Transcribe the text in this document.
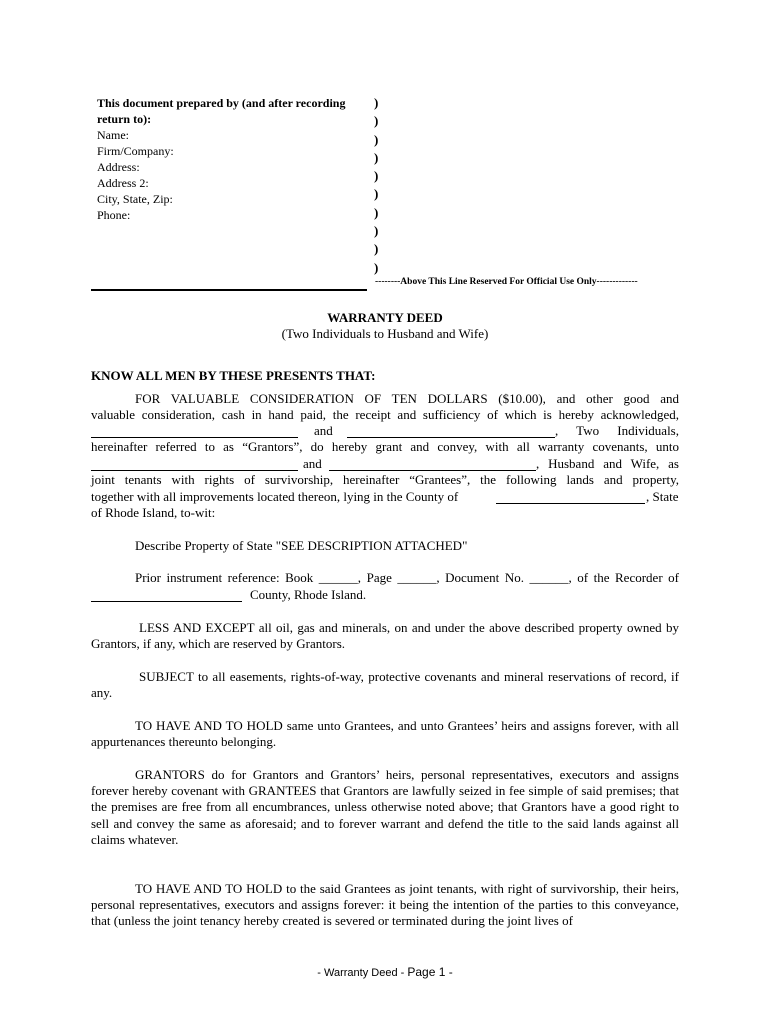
This document prepared by (and after recording
return to):
Name:
Firm/Company:
Address:
Address 2:
City, State, Zip:
Phone:
)
)
)
)
)
)
)
)
)
)
--------Above This Line Reserved For Official Use Only-------------
WARRANTY DEED
(Two Individuals to Husband and Wife)
KNOW ALL MEN BY THESE PRESENTS THAT:
FOR VALUABLE CONSIDERATION OF TEN DOLLARS ($10.00), and other good and
valuable consideration, cash in hand paid, the receipt and sufficiency of which is hereby acknowledged,
and	, Two Individuals,
hereinafter referred to as “Grantors”, do hereby grant and convey, with all warranty covenants, unto
and	, Husband and Wife, as
joint tenants with rights of survivorship, hereinafter “Grantees”, the following lands and property,
together with all improvements located thereon, lying in the County of	, State
of Rhode Island, to-wit:
Describe Property of State "SEE DESCRIPTION ATTACHED"
Prior instrument reference: Book ______, Page ______, Document No. ______, of the Recorder of
County, Rhode Island.
LESS AND EXCEPT all oil, gas and minerals, on and under the above described property owned by Grantors, if any, which are reserved by Grantors.
SUBJECT to all easements, rights-of-way, protective covenants and mineral reservations of record, if any.
TO HAVE AND TO HOLD same unto Grantees, and unto Grantees’ heirs and assigns forever, with all appurtenances thereunto belonging.
GRANTORS do for Grantors and Grantors’ heirs, personal representatives, executors and assigns forever hereby covenant with GRANTEES that Grantors are lawfully seized in fee simple of said premises; that the premises are free from all encumbrances, unless otherwise noted above; that Grantors have a good right to sell and convey the same as aforesaid; and to forever warrant and defend the title to the said lands against all claims whatever.
TO HAVE AND TO HOLD to the said Grantees as joint tenants, with right of survivorship, their heirs, personal representatives, executors and assigns forever: it being the intention of the parties to this conveyance, that (unless the joint tenancy hereby created is severed or terminated during the joint lives of
- Warranty Deed - Page 1 -
